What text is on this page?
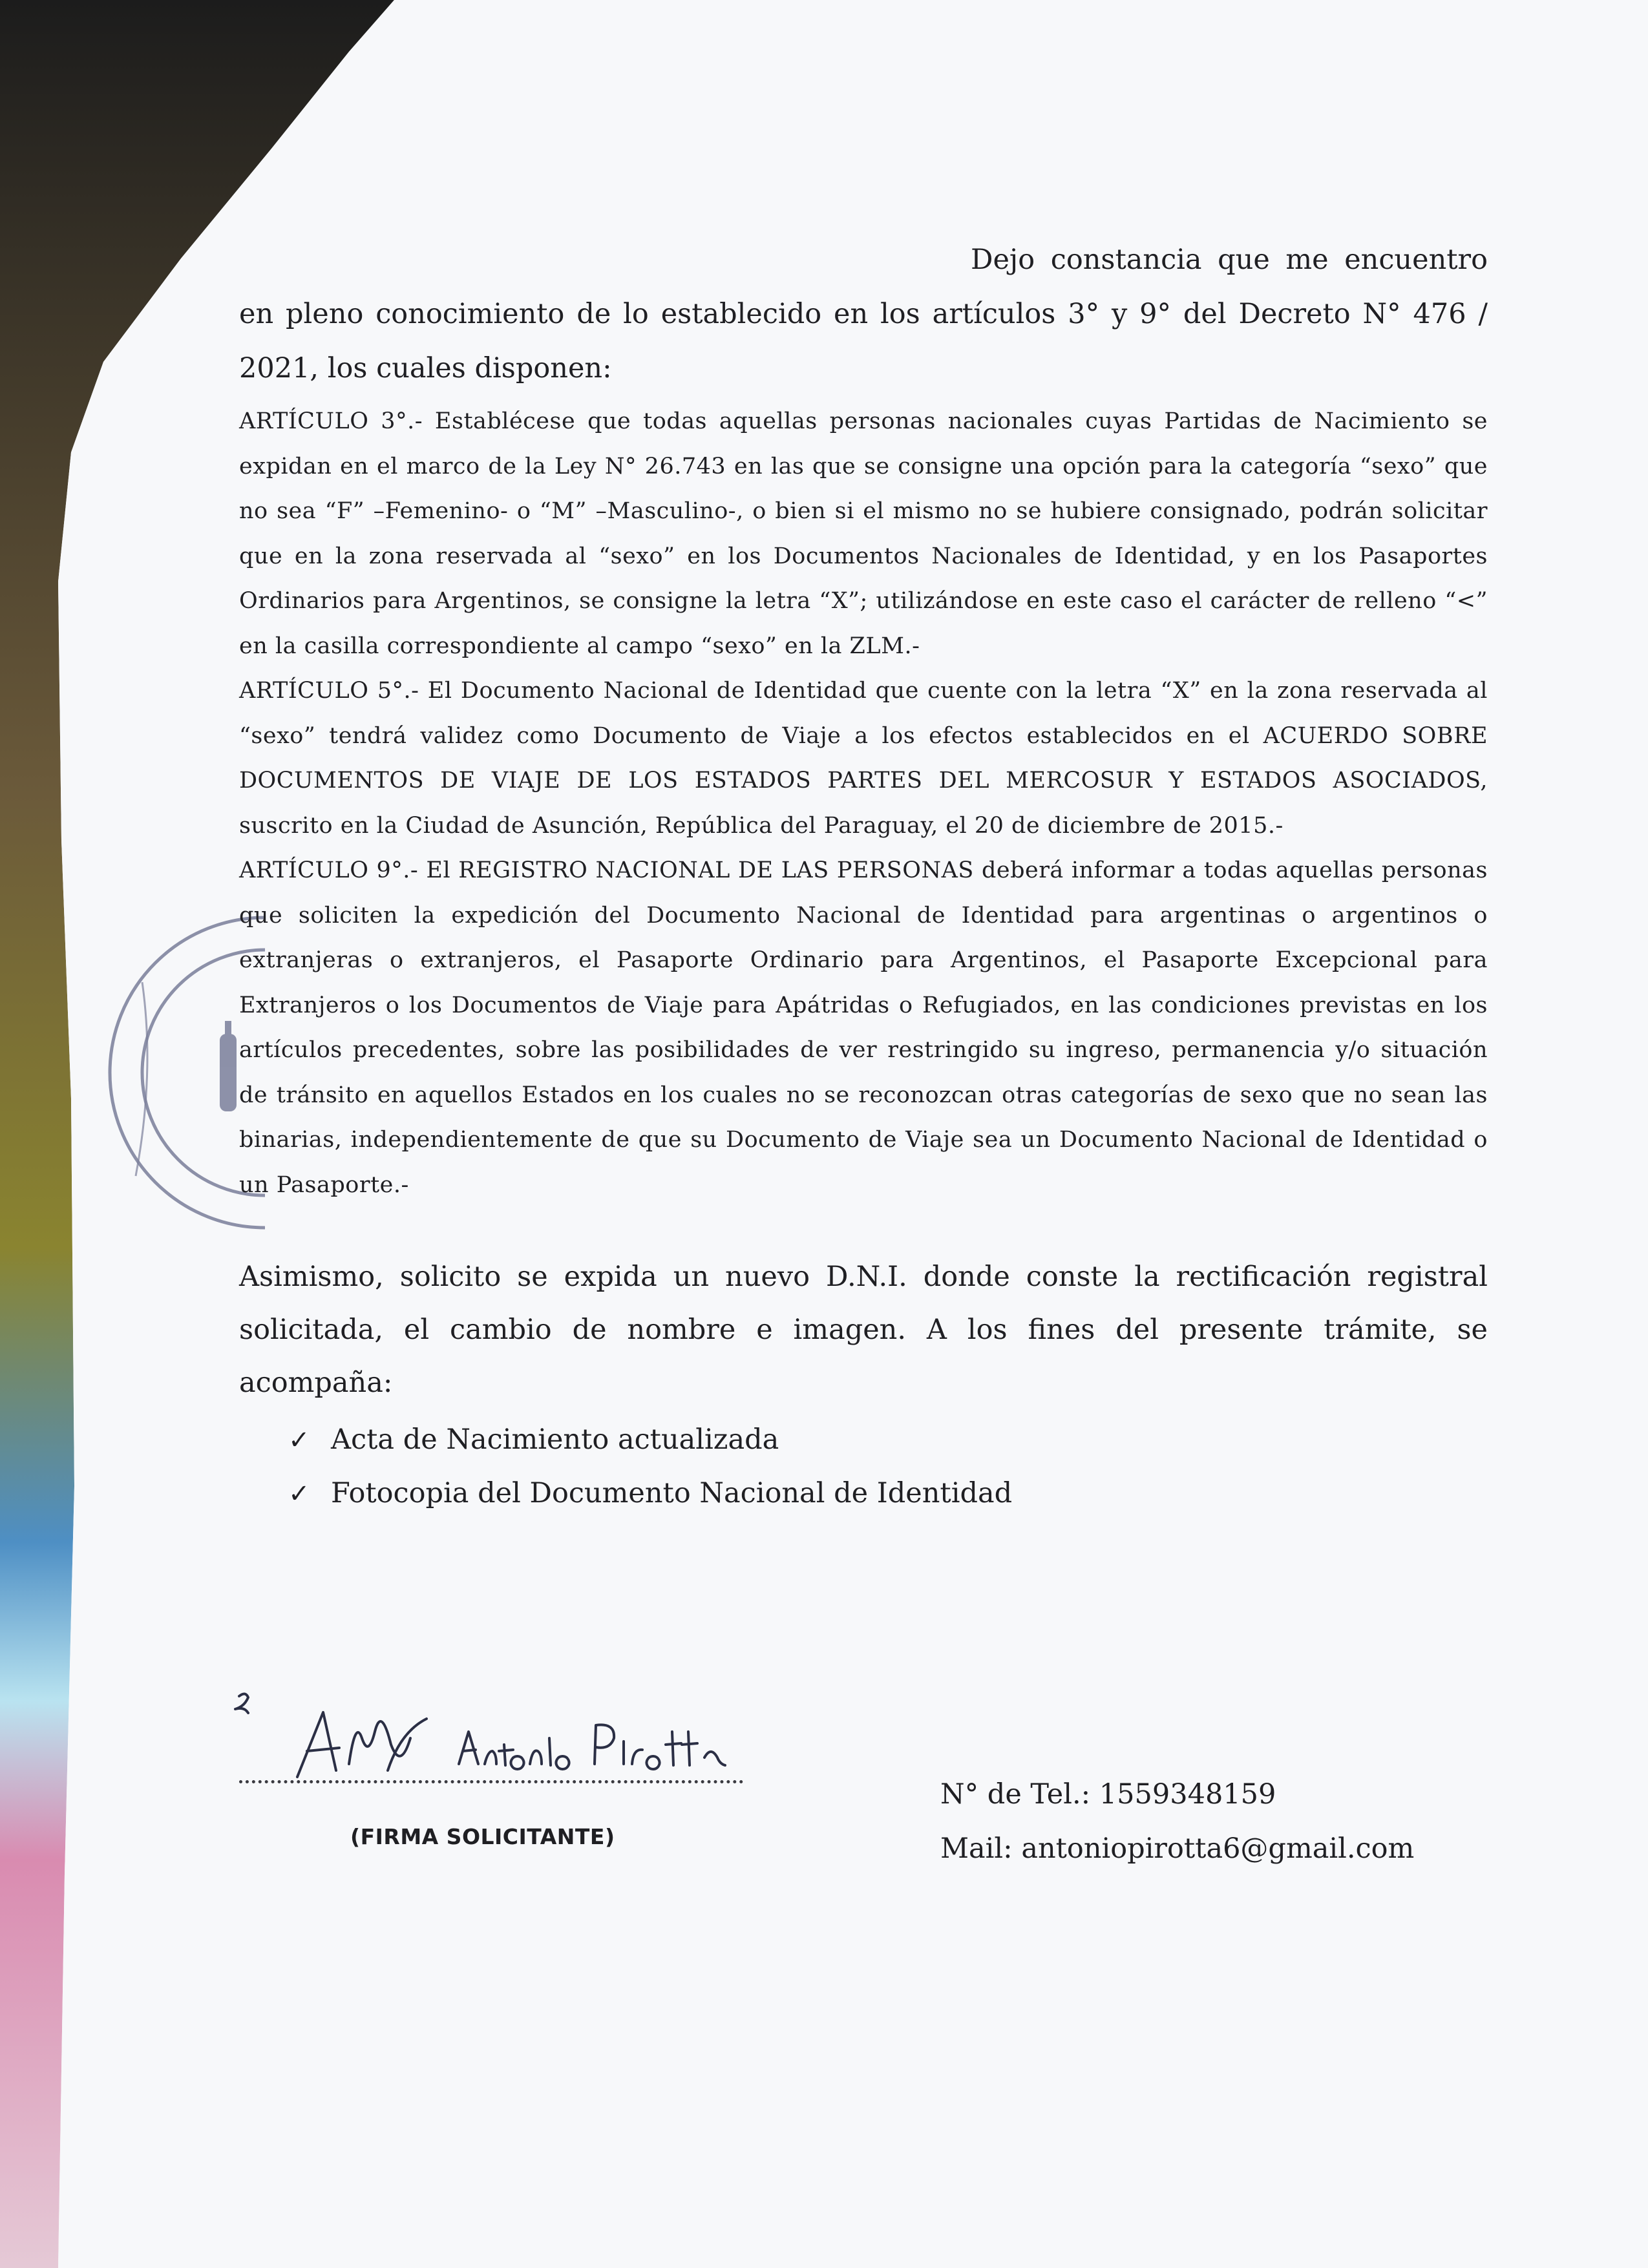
Dejo constancia que me encuentro en pleno conocimiento de lo establecido en los artículos 3° y 9° del Decreto N° 476 / 2021, los cuales disponen:

ARTÍCULO 3°.- Establécese que todas aquellas personas nacionales cuyas Partidas de Nacimiento se expidan en el marco de la Ley N° 26.743 en las que se consigne una opción para la categoría “sexo” que no sea “F” –Femenino- o “M” –Masculino-, o bien si el mismo no se hubiere consignado, podrán solicitar que en la zona reservada al “sexo” en los Documentos Nacionales de Identidad, y en los Pasaportes Ordinarios para Argentinos, se consigne la letra “X”; utilizándose en este caso el carácter de relleno “<” en la casilla correspondiente al campo “sexo” en la ZLM.-

ARTÍCULO 5°.- El Documento Nacional de Identidad que cuente con la letra “X” en la zona reservada al “sexo” tendrá validez como Documento de Viaje a los efectos establecidos en el ACUERDO SOBRE DOCUMENTOS DE VIAJE DE LOS ESTADOS PARTES DEL MERCOSUR Y ESTADOS ASOCIADOS, suscrito en la Ciudad de Asunción, República del Paraguay, el 20 de diciembre de 2015.-

ARTÍCULO 9°.- El REGISTRO NACIONAL DE LAS PERSONAS deberá informar a todas aquellas personas que soliciten la expedición del Documento Nacional de Identidad para argentinas o argentinos o extranjeras o extranjeros, el Pasaporte Ordinario para Argentinos, el Pasaporte Excepcional para Extranjeros o los Documentos de Viaje para Apátridas o Refugiados, en las condiciones previstas en los artículos precedentes, sobre las posibilidades de ver restringido su ingreso, permanencia y/o situación de tránsito en aquellos Estados en los cuales no se reconozcan otras categorías de sexo que no sean las binarias, independientemente de que su Documento de Viaje sea un Documento Nacional de Identidad o un Pasaporte.-

Asimismo, solicito se expida un nuevo D.N.I. donde conste la rectificación registral solicitada, el cambio de nombre e imagen. A los fines del presente trámite, se acompaña:

✓ Acta de Nacimiento actualizada
✓ Fotocopia del Documento Nacional de Identidad
(FIRMA SOLICITANTE)
N° de Tel.: 1559348159
Mail: antoniopirotta6@gmail.com
